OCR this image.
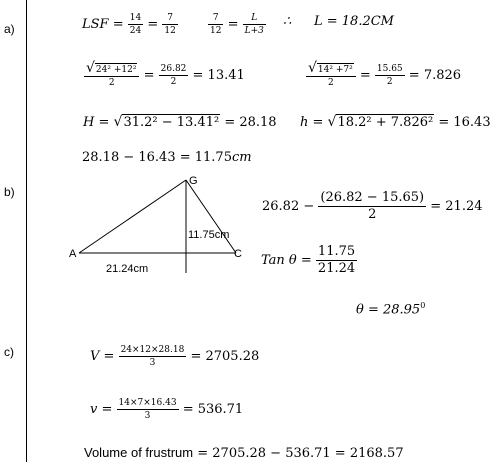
a)
b)
c)
LSF = $\frac{14}{24} = \frac{7}{12}$	$\frac{7}{12} = \frac{L}{L+3}$ ∴ L = 18.2CM
$\frac{\text{√24² +12²}}{2} = \frac{26.82}{2} = 13.41$	$\frac{\text{√14² +7²}}{2} = \frac{15.65}{2} = 7.826$
H = √31.2² − 13.41² = 28.18 h = √18.2² + 7.826² = 16.43
28.18 − 16.43 = 11.75cm
A
G
C
11.75cm
21.24cm
$26.82 - \frac{(26.82 - 15.65)}{2} = 21.24$
Tan $\theta = \frac{11.75}{21.24}$
$\theta = 28.95^0$
$V = \frac{24\times 12\times 28.18}{3} = 2705.28$
$v = \frac{14\times 7\times 16.43}{3} = 536.71$
Volume of frustrum = 2705.28 − 536.71 = 2168.57
